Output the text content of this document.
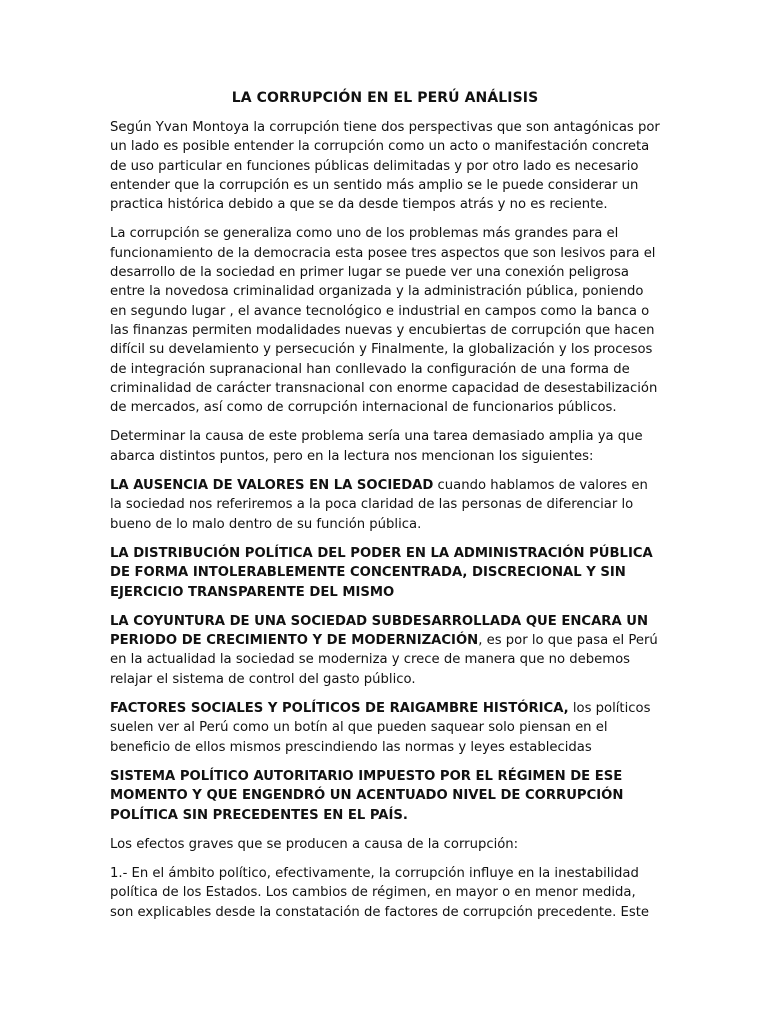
LA CORRUPCIÓN EN EL PERÚ ANÁLISIS

Según Yvan Montoya la corrupción tiene dos perspectivas que son antagónicas por un lado es posible entender la corrupción como un acto o manifestación concreta de uso particular en funciones públicas delimitadas y por otro lado es necesario entender que la corrupción es un sentido más amplio se le puede considerar un practica histórica debido a que se da desde tiempos atrás y no es reciente.

La corrupción se generaliza como uno de los problemas más grandes para el funcionamiento de la democracia esta posee tres aspectos que son lesivos para el desarrollo de la sociedad en primer lugar se puede ver una conexión peligrosa entre la novedosa criminalidad organizada y la administración pública, poniendo en segundo lugar , el avance tecnológico e industrial en campos como la banca o las finanzas permiten modalidades nuevas y encubiertas de corrupción que hacen difícil su develamiento y persecución y Finalmente, la globalización y los procesos de integración supranacional han conllevado la configuración de una forma de criminalidad de carácter transnacional con enorme capacidad de desestabilización de mercados, así como de corrupción internacional de funcionarios públicos.

Determinar la causa de este problema sería una tarea demasiado amplia ya que abarca distintos puntos, pero en la lectura nos mencionan los siguientes:

LA AUSENCIA DE VALORES EN LA SOCIEDAD cuando hablamos de valores en la sociedad nos referiremos a la poca claridad de las personas de diferenciar lo bueno de lo malo dentro de su función pública.

LA DISTRIBUCIÓN POLÍTICA DEL PODER EN LA ADMINISTRACIÓN PÚBLICA DE FORMA INTOLERABLEMENTE CONCENTRADA, DISCRECIONAL Y SIN EJERCICIO TRANSPARENTE DEL MISMO

LA COYUNTURA DE UNA SOCIEDAD SUBDESARROLLADA QUE ENCARA UN PERIODO DE CRECIMIENTO Y DE MODERNIZACIÓN, es por lo que pasa el Perú en la actualidad la sociedad se moderniza y crece de manera que no debemos relajar el sistema de control del gasto público.

FACTORES SOCIALES Y POLÍTICOS DE RAIGAMBRE HISTÓRICA, los políticos suelen ver al Perú como un botín al que pueden saquear solo piensan en el beneficio de ellos mismos prescindiendo las normas y leyes establecidas

SISTEMA POLÍTICO AUTORITARIO IMPUESTO POR EL RÉGIMEN DE ESE MOMENTO Y QUE ENGENDRÓ UN ACENTUADO NIVEL DE CORRUPCIÓN POLÍTICA SIN PRECEDENTES EN EL PAÍS.

Los efectos graves que se producen a causa de la corrupción:

1.- En el ámbito político, efectivamente, la corrupción influye en la inestabilidad política de los Estados. Los cambios de régimen, en mayor o en menor medida, son explicables desde la constatación de factores de corrupción precedente. Este
